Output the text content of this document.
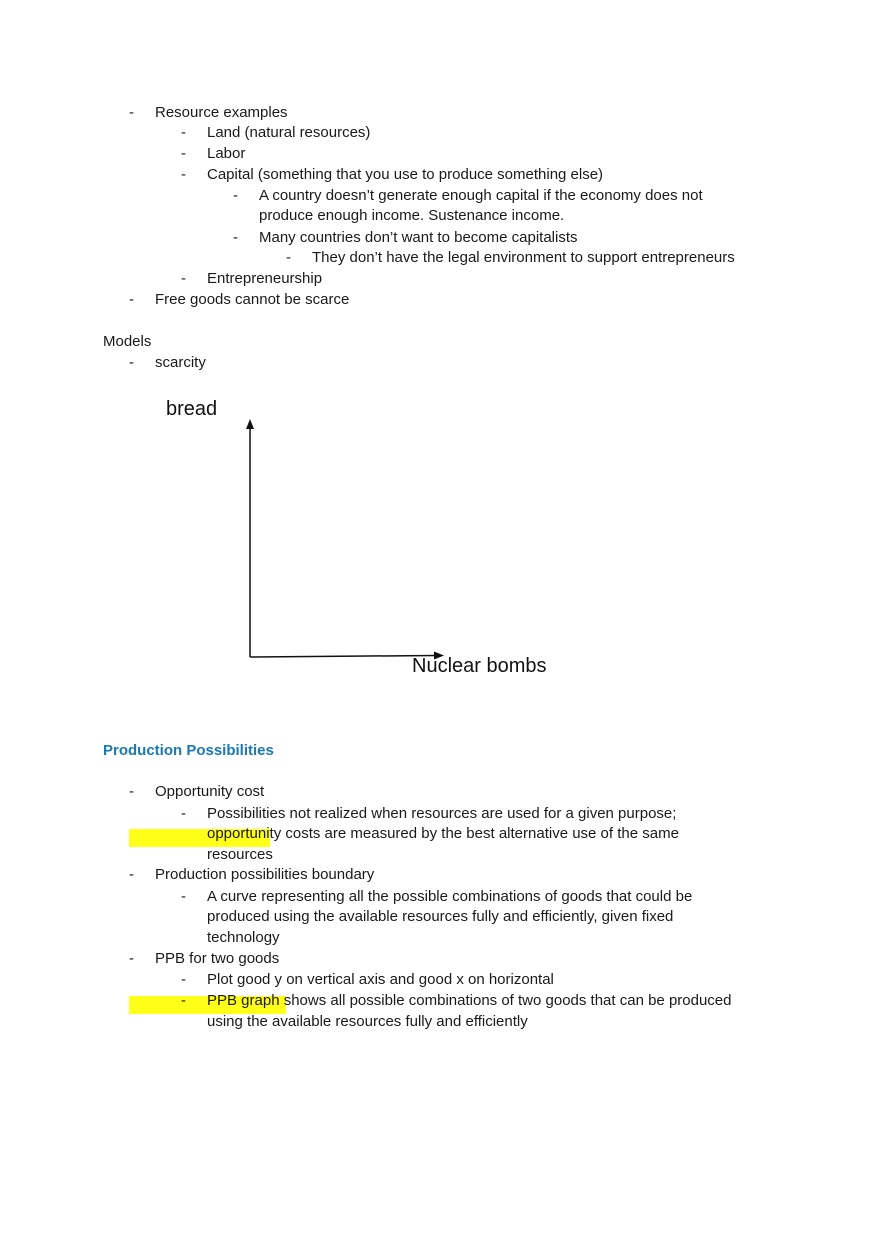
- Resource examples
- Land (natural resources)
- Labor
- Capital (something that you use to produce something else)
- A country doesn’t generate enough capital if the economy does not
produce enough income. Sustenance income.
- Many countries don’t want to become capitalists
- They don’t have the legal environment to support entrepreneurs
- Entrepreneurship
- Free goods cannot be scarce
Models
- scarcity
bread
Nuclear bombs
Production Possibilities
- Opportunity cost
- Possibilities not realized when resources are used for a given purpose;
opportunity costs are measured by the best alternative use of the same
resources
- Production possibilities boundary
- A curve representing all the possible combinations of goods that could be
produced using the available resources fully and efficiently, given fixed
technology
- PPB for two goods
- Plot good y on vertical axis and good x on horizontal
- PPB graph shows all possible combinations of two goods that can be produced
using the available resources fully and efficiently
